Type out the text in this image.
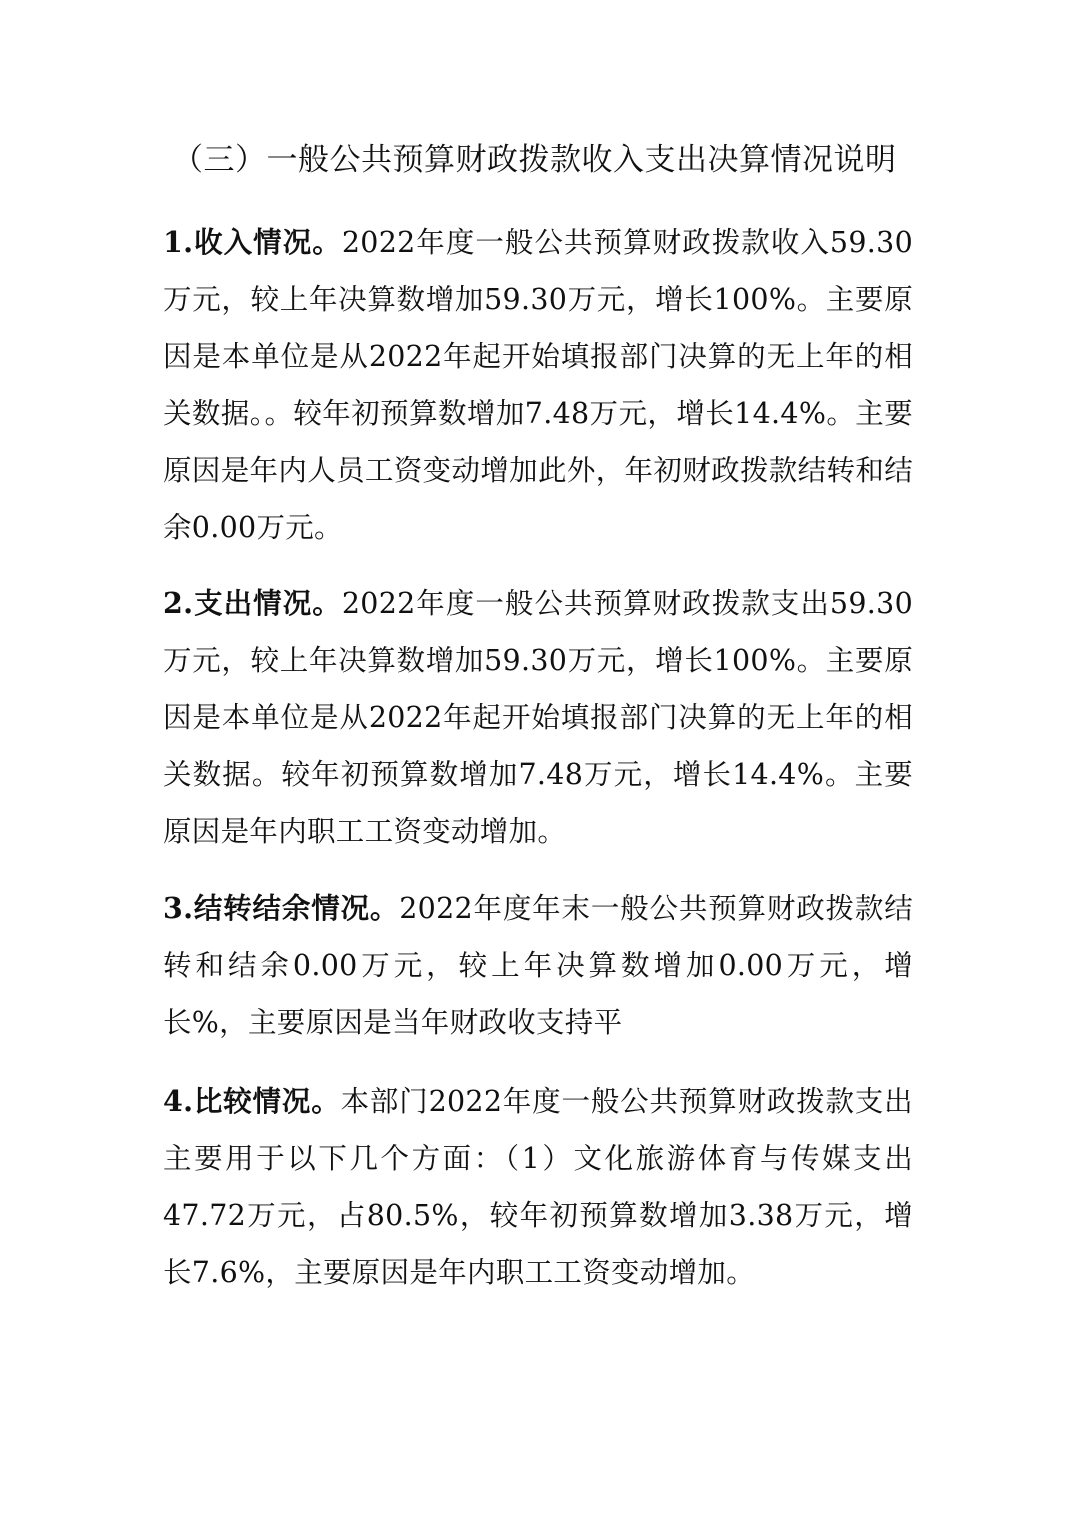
（三）一般公共预算财政拨款收入支出决算情况说明

1.收入情况。2022年度一般公共预算财政拨款收入59.30万元，较上年决算数增加59.30万元，增长100%。主要原因是本单位是从2022年起开始填报部门决算的无上年的相关数据。。较年初预算数增加7.48万元，增长14.4%。主要原因是年内人员工资变动增加此外，年初财政拨款结转和结余0.00万元。

2.支出情况。2022年度一般公共预算财政拨款支出59.30万元，较上年决算数增加59.30万元，增长100%。主要原因是本单位是从2022年起开始填报部门决算的无上年的相关数据。较年初预算数增加7.48万元，增长14.4%。主要原因是年内职工工资变动增加。

3.结转结余情况。2022年度年末一般公共预算财政拨款结转和结余0.00万元，较上年决算数增加0.00万元，增长%，主要原因是当年财政收支持平

4.比较情况。本部门2022年度一般公共预算财政拨款支出主要用于以下几个方面：（1）文化旅游体育与传媒支出47.72万元，占80.5%，较年初预算数增加3.38万元，增长7.6%，主要原因是年内职工工资变动增加。
